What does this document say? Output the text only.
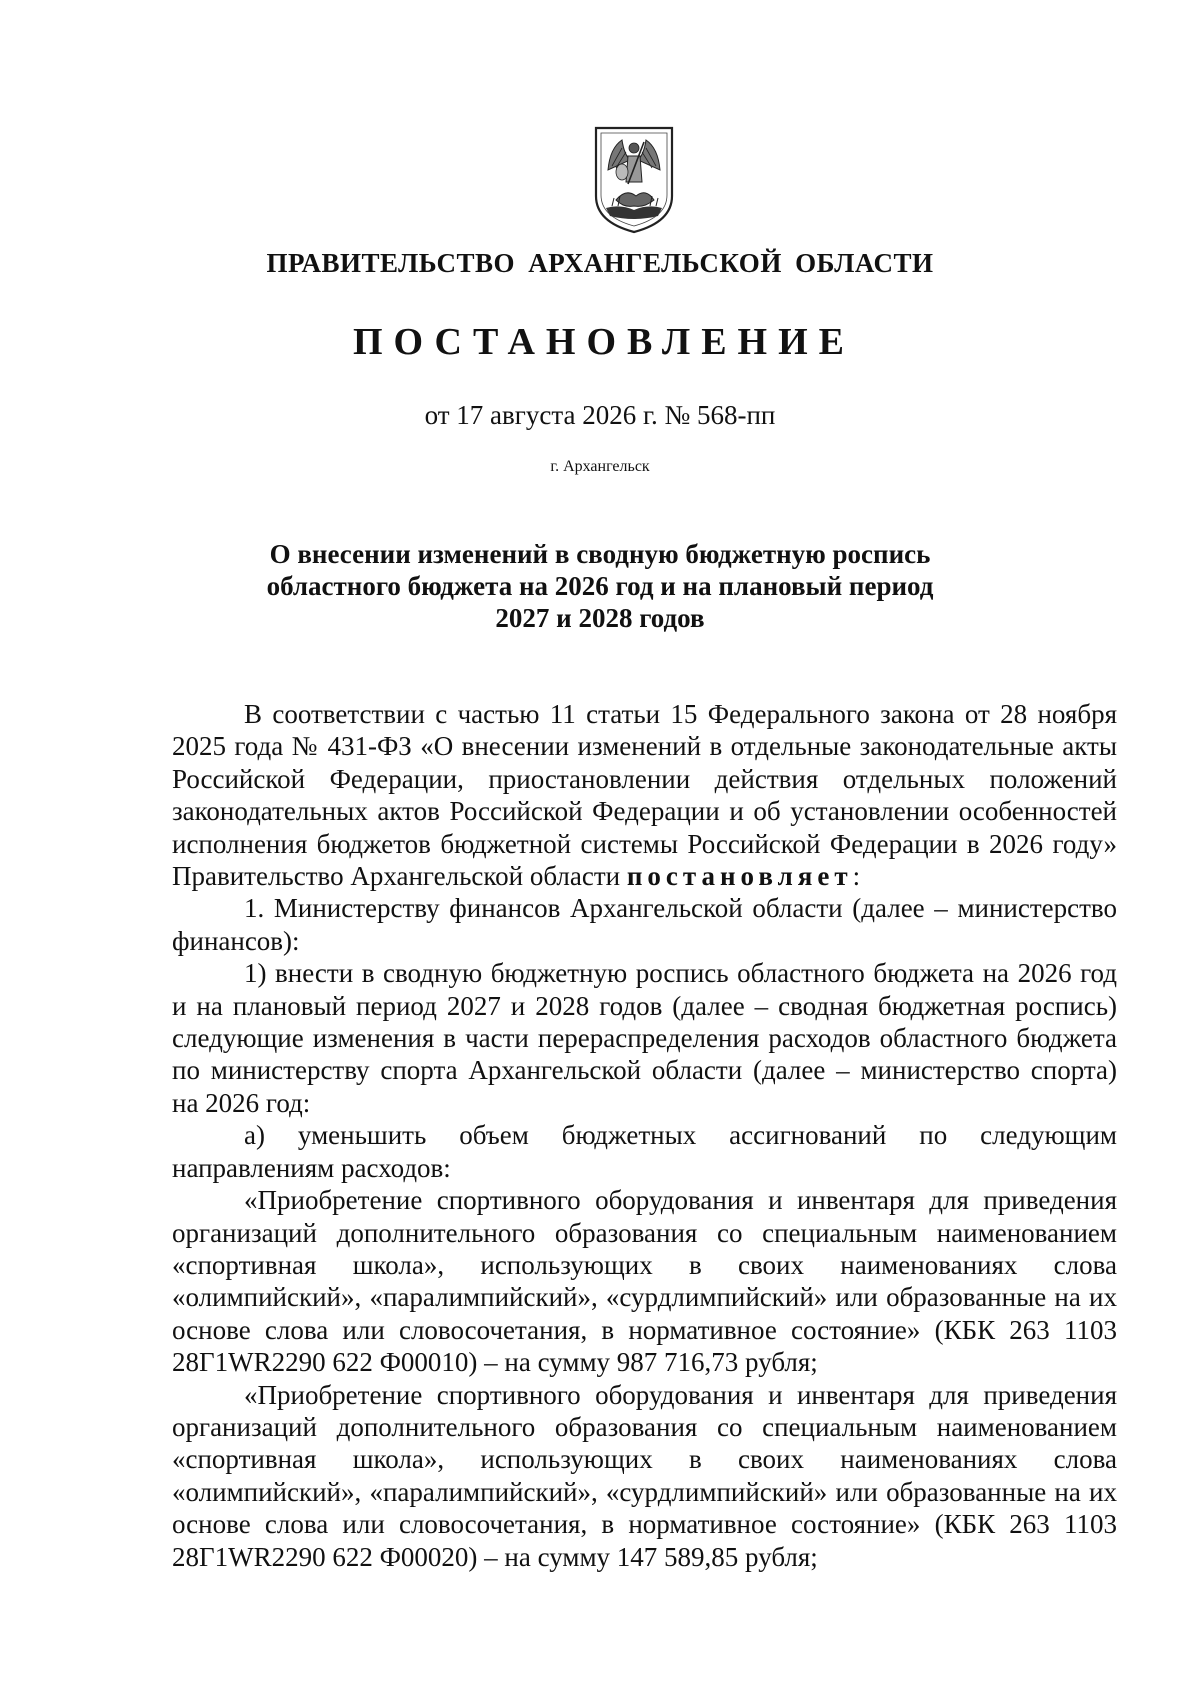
ПРАВИТЕЛЬСТВО АРХАНГЕЛЬСКОЙ ОБЛАСТИ
ПОСТАНОВЛЕНИЕ
от 17 августа 2026 г. № 568-пп
г. Архангельск
О внесении изменений в сводную бюджетную роспись
областного бюджета на 2026 год и на плановый период
2027 и 2028 годов

В соответствии с частью 11 статьи 15 Федерального закона от 28 ноября 2025 года № 431-ФЗ «О внесении изменений в отдельные законодательные акты Российской Федерации, приостановлении действия отдельных положений законодательных актов Российской Федерации и об установлении особенностей исполнения бюджетов бюджетной системы Российской Федерации в 2026 году» Правительство Архангельской области постановляет:

1. Министерству финансов Архангельской области (далее – министерство финансов):

1) внести в сводную бюджетную роспись областного бюджета на 2026 год и на плановый период 2027 и 2028 годов (далее – сводная бюджетная роспись) следующие изменения в части перераспределения расходов областного бюджета по министерству спорта Архангельской области (далее – министерство спорта) на 2026 год:

а) уменьшить объем бюджетных ассигнований по следующим направлениям расходов:

«Приобретение спортивного оборудования и инвентаря для приведения организаций дополнительного образования со специальным наименованием «спортивная школа», использующих в своих наименованиях слова «олимпийский», «паралимпийский», «сурдлимпийский» или образованные на их основе слова или словосочетания, в нормативное состояние» (КБК 263 1103 28Г1WR2290 622 Ф00010) – на сумму 987 716,73 рубля;

«Приобретение спортивного оборудования и инвентаря для приведения организаций дополнительного образования со специальным наименованием «спортивная школа», использующих в своих наименованиях слова «олимпийский», «паралимпийский», «сурдлимпийский» или образованные на их основе слова или словосочетания, в нормативное состояние» (КБК 263 1103 28Г1WR2290 622 Ф00020) – на сумму 147 589,85 рубля;
